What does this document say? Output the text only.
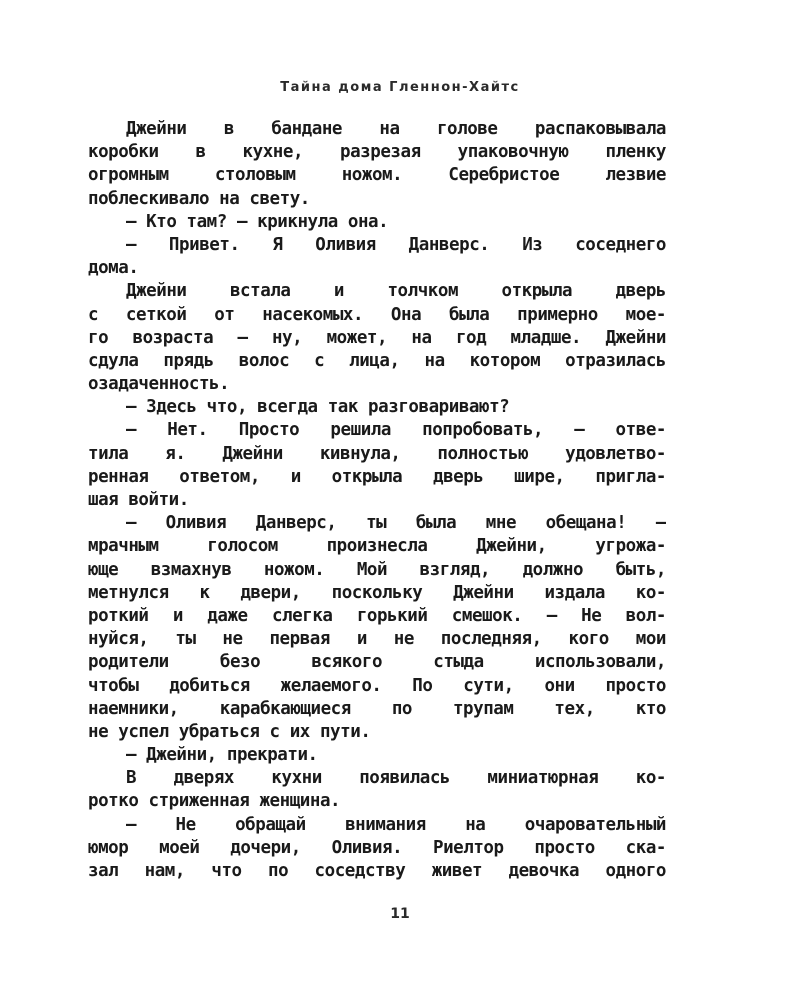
Тайна дома Гленнон-Хайтс
Джейни в бандане на голове распаковывала
коробки в кухне, разрезая упаковочную пленку
огромным столовым ножом. Серебристое лезвие
поблескивало на свету.
— Кто там? — крикнула она.
— Привет. Я Оливия Данверс. Из соседнего
дома.
Джейни встала и толчком открыла дверь
с сеткой от насекомых. Она была примерно мое-
го возраста — ну, может, на год младше. Джейни
сдула прядь волос с лица, на котором отразилась
озадаченность.
— Здесь что, всегда так разговаривают?
— Нет. Просто решила попробовать, — отве-
тила я. Джейни кивнула, полностью удовлетво-
ренная ответом, и открыла дверь шире, пригла-
шая войти.
— Оливия Данверс, ты была мне обещана! —
мрачным голосом произнесла Джейни, угрожа-
юще взмахнув ножом. Мой взгляд, должно быть,
метнулся к двери, поскольку Джейни издала ко-
роткий и даже слегка горький смешок. — Не вол-
нуйся, ты не первая и не последняя, кого мои
родители безо всякого стыда использовали,
чтобы добиться желаемого. По сути, они просто
наемники, карабкающиеся по трупам тех, кто
не успел убраться с их пути.
— Джейни, прекрати.
В дверях кухни появилась миниатюрная ко-
ротко стриженная женщина.
— Не обращай внимания на очаровательный
юмор моей дочери, Оливия. Риелтор просто ска-
зал нам, что по соседству живет девочка одного
11
